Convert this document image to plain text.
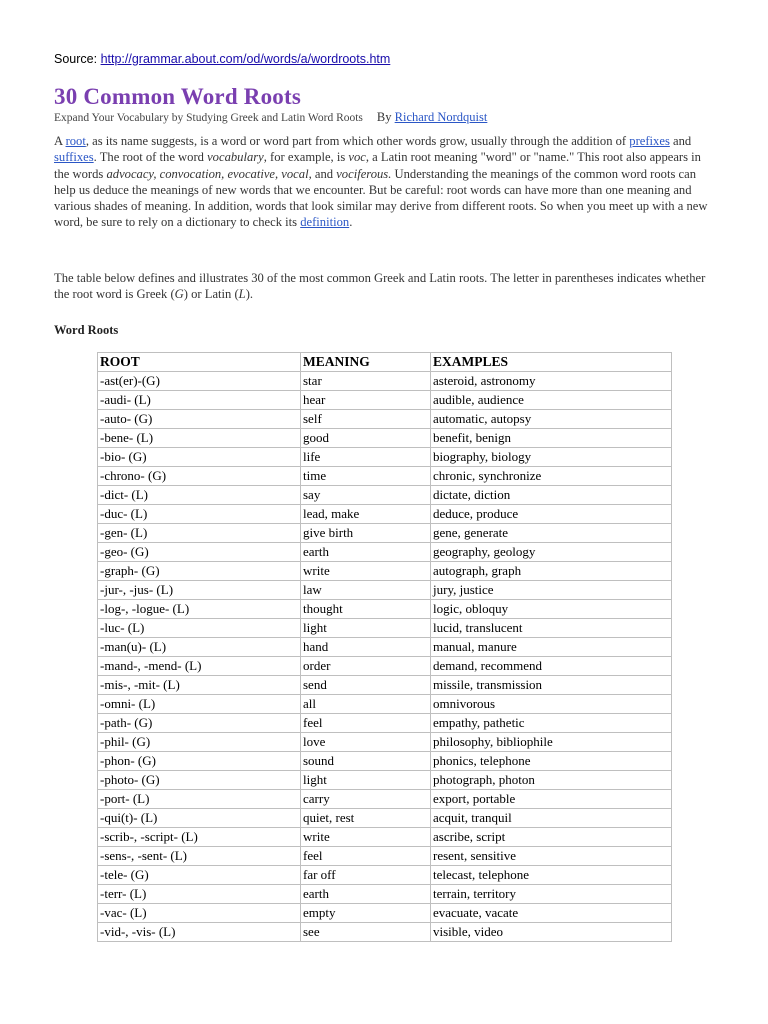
Source: http://grammar.about.com/od/words/a/wordroots.htm
30 Common Word Roots
Expand Your Vocabulary by Studying Greek and Latin Word Roots By Richard Nordquist

A root, as its name suggests, is a word or word part from which other words grow, usually through the addition of prefixes and suffixes. The root of the word vocabulary, for example, is voc, a Latin root meaning "word" or "name." This root also appears in the words advocacy, convocation, evocative, vocal, and vociferous. Understanding the meanings of the common word roots can help us deduce the meanings of new words that we encounter. But be careful: root words can have more than one meaning and various shades of meaning. In addition, words that look similar may derive from different roots. So when you meet up with a new word, be sure to rely on a dictionary to check its definition.

The table below defines and illustrates 30 of the most common Greek and Latin roots. The letter in parentheses indicates whether the root word is Greek (G) or Latin (L).

Word Roots
ROOT	MEANING	EXAMPLES
-ast(er)-(G)	star	asteroid, astronomy
-audi- (L)	hear	audible, audience
-auto- (G)	self	automatic, autopsy
-bene- (L)	good	benefit, benign
-bio- (G)	life	biography, biology
-chrono- (G)	time	chronic, synchronize
-dict- (L)	say	dictate, diction
-duc- (L)	lead, make	deduce, produce
-gen- (L)	give birth	gene, generate
-geo- (G)	earth	geography, geology
-graph- (G)	write	autograph, graph
-jur-, -jus- (L)	law	jury, justice
-log-, -logue- (L)	thought	logic, obloquy
-luc- (L)	light	lucid, translucent
-man(u)- (L)	hand	manual, manure
-mand-, -mend- (L)	order	demand, recommend
-mis-, -mit- (L)	send	missile, transmission
-omni- (L)	all	omnivorous
-path- (G)	feel	empathy, pathetic
-phil- (G)	love	philosophy, bibliophile
-phon- (G)	sound	phonics, telephone
-photo- (G)	light	photograph, photon
-port- (L)	carry	export, portable
-qui(t)- (L)	quiet, rest	acquit, tranquil
-scrib-, -script- (L)	write	ascribe, script
-sens-, -sent- (L)	feel	resent, sensitive
-tele- (G)	far off	telecast, telephone
-terr- (L)	earth	terrain, territory
-vac- (L)	empty	evacuate, vacate
-vid-, -vis- (L)	see	visible, video
